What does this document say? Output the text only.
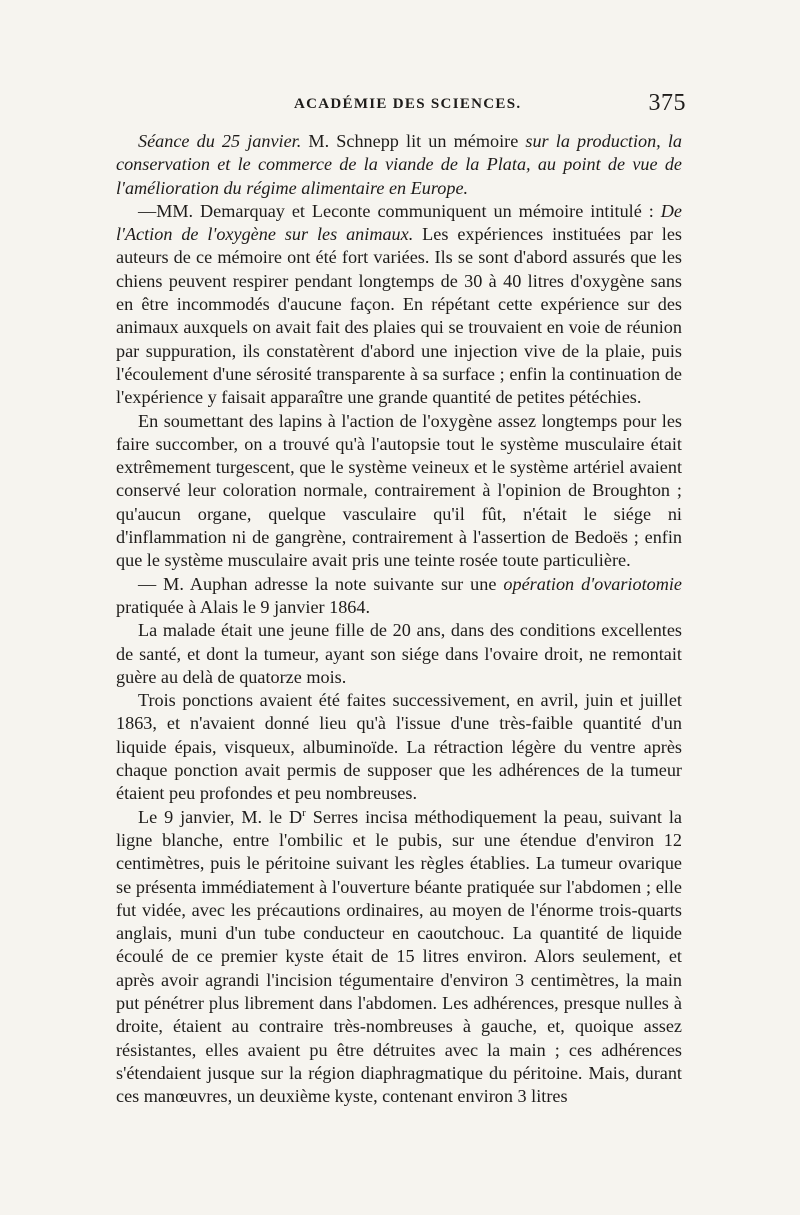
ACADÉMIE DES SCIENCES.	375

Séance du 25 janvier. M. Schnepp lit un mémoire sur la production, la conservation et le commerce de la viande de la Plata, au point de vue de l'amélioration du régime alimentaire en Europe.

—MM. Demarquay et Leconte communiquent un mémoire intitulé : De l'Action de l'oxygène sur les animaux. Les expériences instituées par les auteurs de ce mémoire ont été fort variées. Ils se sont d'abord assurés que les chiens peuvent respirer pendant longtemps de 30 à 40 litres d'oxygène sans en être incommodés d'aucune façon. En répétant cette expérience sur des animaux auxquels on avait fait des plaies qui se trouvaient en voie de réunion par suppuration, ils constatèrent d'abord une injection vive de la plaie, puis l'écoulement d'une sérosité transparente à sa surface ; enfin la continuation de l'expérience y faisait apparaître une grande quantité de petites pétéchies.

En soumettant des lapins à l'action de l'oxygène assez longtemps pour les faire succomber, on a trouvé qu'à l'autopsie tout le système musculaire était extrêmement turgescent, que le système veineux et le système artériel avaient conservé leur coloration normale, contrairement à l'opinion de Broughton ; qu'aucun organe, quelque vasculaire qu'il fût, n'était le siége ni d'inflammation ni de gangrène, contrairement à l'assertion de Bedoës ; enfin que le système musculaire avait pris une teinte rosée toute particulière.

— M. Auphan adresse la note suivante sur une opération d'ovariotomie pratiquée à Alais le 9 janvier 1864.

La malade était une jeune fille de 20 ans, dans des conditions excellentes de santé, et dont la tumeur, ayant son siége dans l'ovaire droit, ne remontait guère au delà de quatorze mois.

Trois ponctions avaient été faites successivement, en avril, juin et juillet 1863, et n'avaient donné lieu qu'à l'issue d'une très-faible quantité d'un liquide épais, visqueux, albuminoïde. La rétraction légère du ventre après chaque ponction avait permis de supposer que les adhérences de la tumeur étaient peu profondes et peu nombreuses.

Le 9 janvier, M. le $D^r$ Serres incisa méthodiquement la peau, suivant la ligne blanche, entre l'ombilic et le pubis, sur une étendue d'environ 12 centimètres, puis le péritoine suivant les règles établies. La tumeur ovarique se présenta immédiatement à l'ouverture béante pratiquée sur l'abdomen ; elle fut vidée, avec les précautions ordinaires, au moyen de l'énorme trois-quarts anglais, muni d'un tube conducteur en caoutchouc. La quantité de liquide écoulé de ce premier kyste était de 15 litres environ. Alors seulement, et après avoir agrandi l'incision tégumentaire d'environ 3 centimètres, la main put pénétrer plus librement dans l'abdomen. Les adhérences, presque nulles à droite, étaient au contraire très-nombreuses à gauche, et, quoique assez résistantes, elles avaient pu être détruites avec la main ; ces adhérences s'étendaient jusque sur la région diaphragmatique du péritoine. Mais, durant ces manœuvres, un deuxième kyste, contenant environ 3 litres
